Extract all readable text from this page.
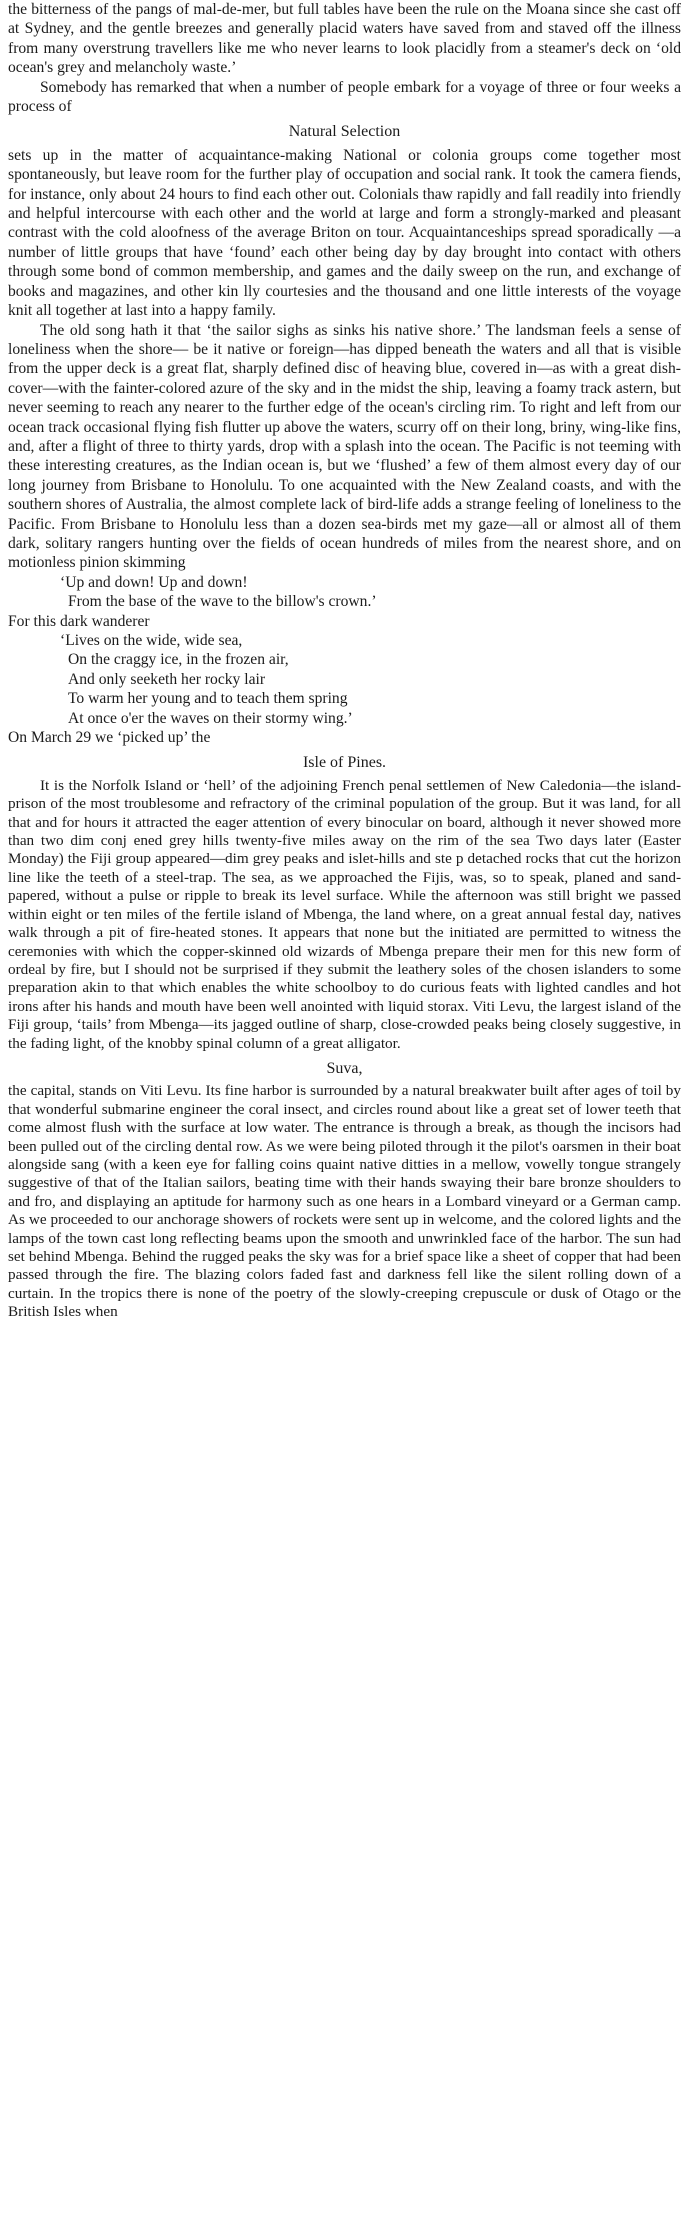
the bitterness of the pangs of mal-de-mer, but full tables have been the rule on the Moana since she cast off at Sydney, and the gentle breezes and generally placid waters have saved from and staved off the illness from many overstrung travellers like me who never learns to look placidly from a steamer's deck on ‘old ocean's grey and melancholy waste.’

Somebody has remarked that when a number of people embark for a voyage of three or four weeks a process of

Natural Selection

sets up in the matter of acquaintance-making National or colonia groups come together most spontaneously, but leave room for the further play of occupation and social rank. It took the camera fiends, for instance, only about 24 hours to find each other out. Colonials thaw rapidly and fall readily into friendly and helpful intercourse with each other and the world at large and form a strongly-marked and pleasant contrast with the cold aloofness of the average Briton on tour. Acquaintanceships spread sporadically —a number of little groups that have ‘found’ each other being day by day brought into contact with others through some bond of common membership, and games and the daily sweep on the run, and exchange of books and magazines, and other kin lly courtesies and the thousand and one little interests of the voyage knit all together at last into a happy family.

The old song hath it that ‘the sailor sighs as sinks his native shore.’ The landsman feels a sense of loneliness when the shore— be it native or foreign—has dipped beneath the waters and all that is visible from the upper deck is a great flat, sharply defined disc of heaving blue, covered in—as with a great dish-cover—with the fainter-colored azure of the sky and in the midst the ship, leaving a foamy track astern, but never seeming to reach any nearer to the further edge of the ocean's circling rim. To right and left from our ocean track occasional flying fish flutter up above the waters, scurry off on their long, briny, wing-like fins, and, after a flight of three to thirty yards, drop with a splash into the ocean. The Pacific is not teeming with these interesting creatures, as the Indian ocean is, but we ‘flushed’ a few of them almost every day of our long journey from Brisbane to Honolulu. To one acquainted with the New Zealand coasts, and with the southern shores of Australia, the almost complete lack of bird-life adds a strange feeling of loneliness to the Pacific. From Brisbane to Honolulu less than a dozen sea-birds met my gaze—all or almost all of them dark, solitary rangers hunting over the fields of ocean hundreds of miles from the nearest shore, and on motionless pinion skimming

‘Up and down! Up and down!
From the base of the wave to the billow's crown.’

For this dark wanderer

‘Lives on the wide, wide sea,
On the craggy ice, in the frozen air,
And only seeketh her rocky lair
To warm her young and to teach them spring
At once o'er the waves on their stormy wing.’

On March 29 we ‘picked up’ the

Isle of Pines.

It is the Norfolk Island or ‘hell’ of the adjoining French penal settlemen of New Caledonia—the island-prison of the most troublesome and refractory of the criminal population of the group. But it was land, for all that and for hours it attracted the eager attention of every binocular on board, although it never showed more than two dim conj ened grey hills twenty-five miles away on the rim of the sea Two days later (Easter Monday) the Fiji group appeared—dim grey peaks and islet-hills and ste p detached rocks that cut the horizon line like the teeth of a steel-trap. The sea, as we approached the Fijis, was, so to speak, planed and sand-papered, without a pulse or ripple to break its level surface. While the afternoon was still bright we passed within eight or ten miles of the fertile island of Mbenga, the land where, on a great annual festal day, natives walk through a pit of fire-heated stones. It appears that none but the initiated are permitted to witness the ceremonies with which the copper-skinned old wizards of Mbenga prepare their men for this new form of ordeal by fire, but I should not be surprised if they submit the leathery soles of the chosen islanders to some preparation akin to that which enables the white schoolboy to do curious feats with lighted candles and hot irons after his hands and mouth have been well anointed with liquid storax. Viti Levu, the largest island of the Fiji group, ‘tails’ from Mbenga—its jagged outline of sharp, close-crowded peaks being closely suggestive, in the fading light, of the knobby spinal column of a great alligator.

Suva,

the capital, stands on Viti Levu. Its fine harbor is surrounded by a natural breakwater built after ages of toil by that wonderful submarine engineer the coral insect, and circles round about like a great set of lower teeth that come almost flush with the surface at low water. The entrance is through a break, as though the incisors had been pulled out of the circling dental row. As we were being piloted through it the pilot's oarsmen in their boat alongside sang (with a keen eye for falling coins quaint native ditties in a mellow, vowelly tongue strangely suggestive of that of the Italian sailors, beating time with their hands swaying their bare bronze shoulders to and fro, and displaying an aptitude for harmony such as one hears in a Lombard vineyard or a German camp. As we proceeded to our anchorage showers of rockets were sent up in welcome, and the colored lights and the lamps of the town cast long reflecting beams upon the smooth and unwrinkled face of the harbor. The sun had set behind Mbenga. Behind the rugged peaks the sky was for a brief space like a sheet of copper that had been passed through the fire. The blazing colors faded fast and darkness fell like the silent rolling down of a curtain. In the tropics there is none of the poetry of the slowly-creeping crepuscule or dusk of Otago or the British Isles when
